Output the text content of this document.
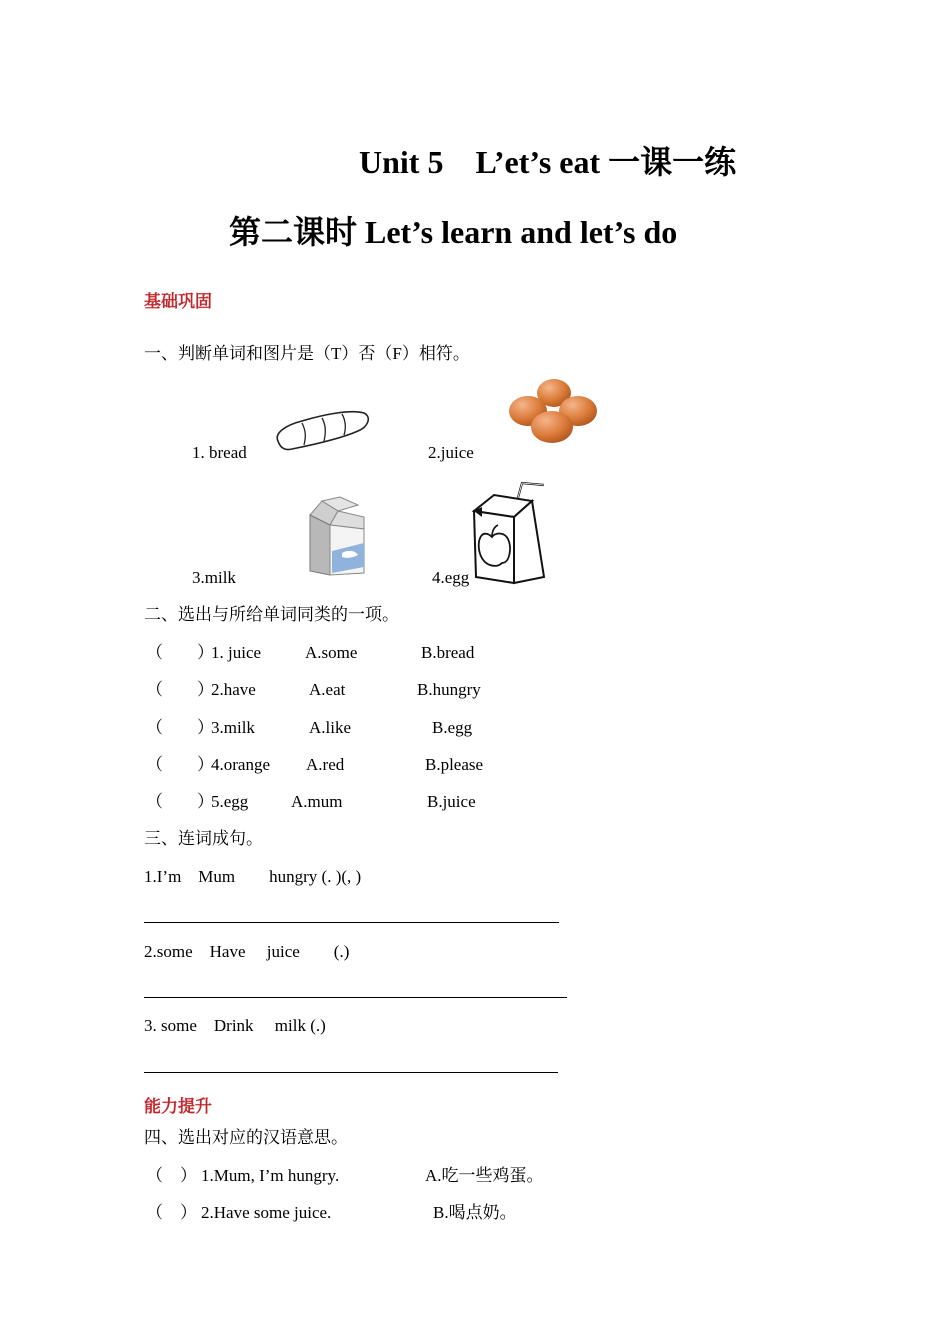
Unit 5　L’et’s eat 一课一练
第二课时 Let’s learn and let’s do
基础巩固
一、判断单词和图片是（T）否（F）相符。
1. bread	2.juice
3.milk	4.egg
二、选出与所给单词同类的一项。
（　　）
1. juice	A.some	B.bread
（　　）
2.have	A.eat	B.hungry
（　　）
3.milk	A.like	B.egg
（　　）
4.orange A.red	B.please
（　　）
5.egg	A.mum	B.juice
三、连词成句。
1.I’m　Mum　　hungry (. )(, )
2.some　Have　 juice　　(.)
3. some　Drink　 milk (.)
能力提升
四、选出对应的汉语意思。
（　） 1.Mum, I’m hungry.	A.吃一些鸡蛋。
（　） 2.Have some juice.	B.喝点奶。
